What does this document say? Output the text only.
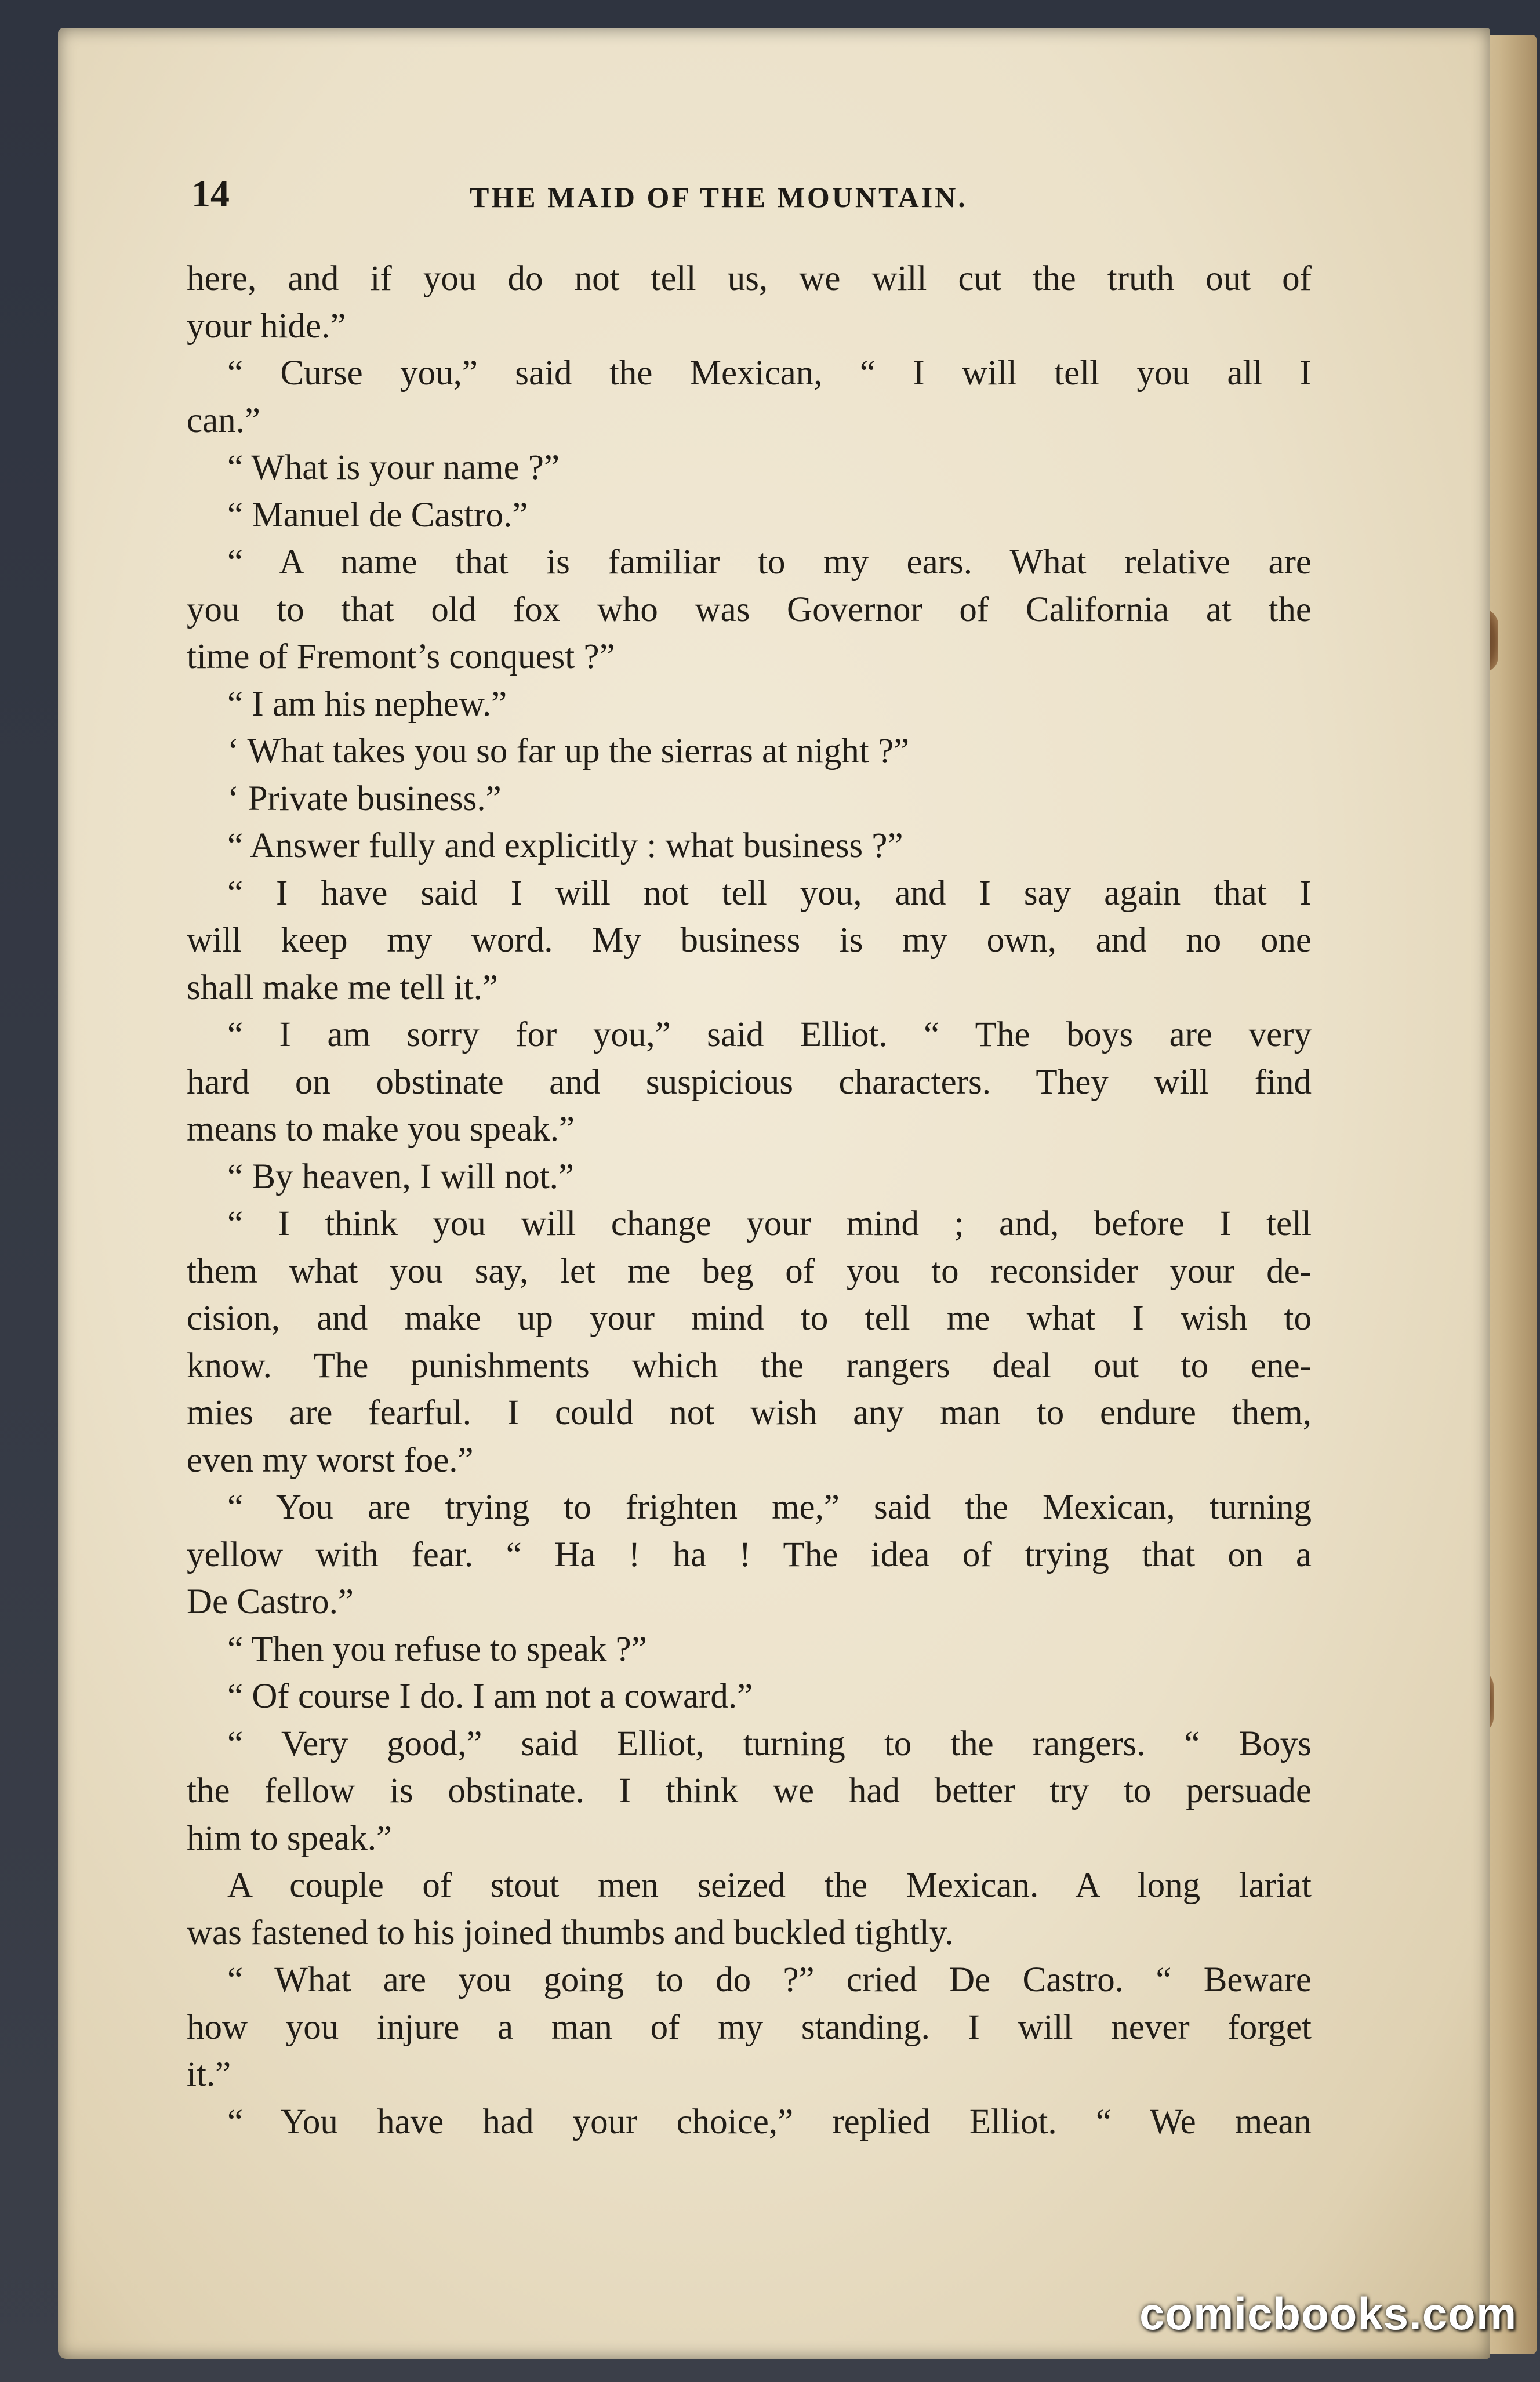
14	THE MAID OF THE MOUNTAIN.
here, and if you do not tell us, we will cut the truth out of
your hide.”
“ Curse you,” said the Mexican, “ I will tell you all I
can.”
“ What is your name ?”
“ Manuel de Castro.”
“ A name that is familiar to my ears. What relative are
you to that old fox who was Governor of California at the
time of Fremont’s conquest ?”
“ I am his nephew.”
‘ What takes you so far up the sierras at night ?”
‘ Private business.”
“ Answer fully and explicitly : what business ?”
“ I have said I will not tell you, and I say again that I
will keep my word. My business is my own, and no one
shall make me tell it.”
“ I am sorry for you,” said Elliot. “ The boys are very
hard on obstinate and suspicious characters. They will find
means to make you speak.”
“ By heaven, I will not.”
“ I think you will change your mind ; and, before I tell
them what you say, let me beg of you to reconsider your de-
cision, and make up your mind to tell me what I wish to
know. The punishments which the rangers deal out to ene-
mies are fearful. I could not wish any man to endure them,
even my worst foe.”
“ You are trying to frighten me,” said the Mexican, turning
yellow with fear. “ Ha ! ha ! The idea of trying that on a
De Castro.”
“ Then you refuse to speak ?”
“ Of course I do. I am not a coward.”
“ Very good,” said Elliot, turning to the rangers. “ Boys
the fellow is obstinate. I think we had better try to persuade
him to speak.”
A couple of stout men seized the Mexican. A long lariat
was fastened to his joined thumbs and buckled tightly.
“ What are you going to do ?” cried De Castro. “ Beware
how you injure a man of my standing. I will never forget
it.”
“ You have had your choice,” replied Elliot. “ We mean
comicbooks.com
